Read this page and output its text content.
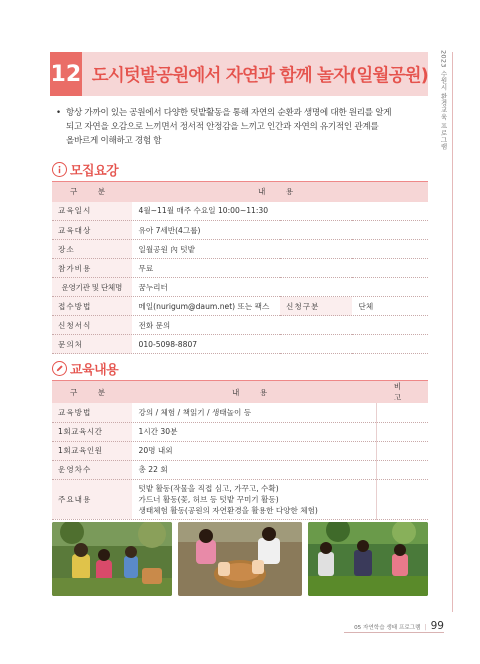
2023 수원시 환경교육 프로그램
12 도시텃밭공원에서 자연과 함께 놀자(일월공원)
• 항상 가까이 있는 공원에서 다양한 텃밭활동을 통해 자연의 순환과 생명에 대한 원리를 알게
되고 자연을 오감으로 느끼면서 정서적 안정감을 느끼고 인간과 자연의 유기적인 관계를
올바르게 이해하고 경험 함
모집요강
구 분	내 용		
교육일시	4월~11월 매주 수요일 10:00~11:30		
교육대상	유아 7세반(4그룹)		
장소	일월공원 內 텃밭		
참가비용	무료		
운영기관 및 단체명	꿈누리터		
접수방법	메일(nurigum@daum.net) 또는 팩스	신청구분	단체
신청서식	전화 문의		
문의처	010-5098-8807		
교육내용
구 분	내 용	비 고
교육방법	강의 / 체험 / 책읽기 / 생태놀이 등	
1회교육시간	1시간 30분	
1회교육인원	20명 내외	
운영차수	총 22 회	
주요내용	텃밭 활동(작물을 직접 심고, 가꾸고, 수확)
가드너 활동(꽃, 허브 등 텃밭 꾸미기 활동)
생태체험 활동(공원의 자연환경을 활용한 다양한 체험)	

05 자연학습 생태 프로그램 | 99
